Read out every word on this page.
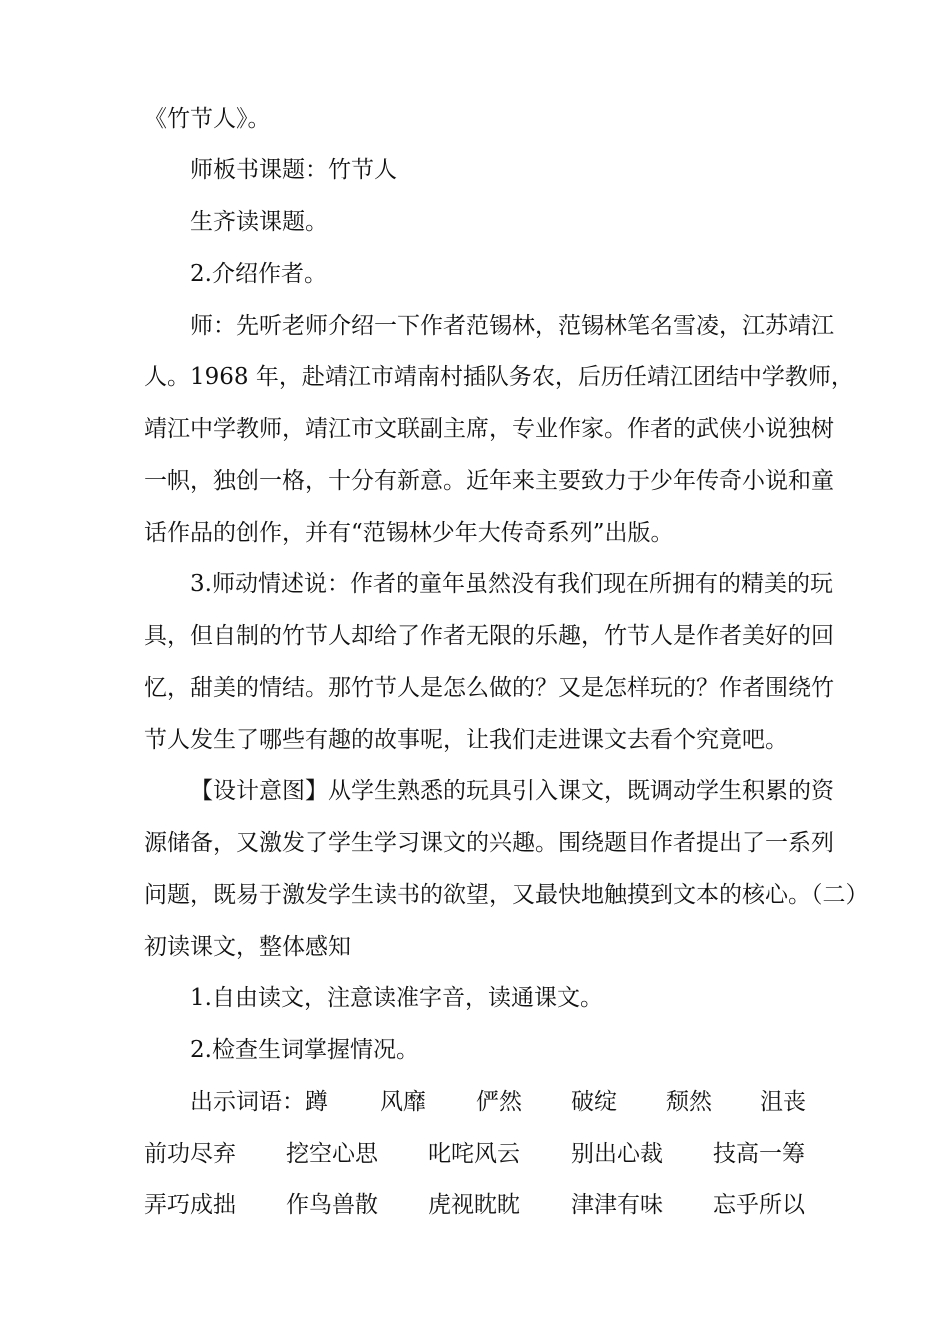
《竹节人》。
师板书课题：竹节人
生齐读课题。
2.介绍作者。
师：先听老师介绍一下作者范锡林，范锡林笔名雪凌，江苏靖江
人。1968 年，赴靖江市靖南村插队务农，后历任靖江团结中学教师，
靖江中学教师，靖江市文联副主席，专业作家。作者的武侠小说独树
一帜，独创一格，十分有新意。近年来主要致力于少年传奇小说和童
话作品的创作，并有“范锡林少年大传奇系列”出版。
3.师动情述说：作者的童年虽然没有我们现在所拥有的精美的玩
具，但自制的竹节人却给了作者无限的乐趣，竹节人是作者美好的回
忆，甜美的情结。那竹节人是怎么做的？又是怎样玩的？作者围绕竹
节人发生了哪些有趣的故事呢，让我们走进课文去看个究竟吧。
【设计意图】从学生熟悉的玩具引入课文，既调动学生积累的资
源储备，又激发了学生学习课文的兴趣。围绕题目作者提出了一系列
问题，既易于激发学生读书的欲望，又最快地触摸到文本的核心。（二）
初读课文，整体感知
1.自由读文，注意读准字音，读通课文。
2.检查生词掌握情况。
出示词语： 蹲 风靡 俨然 破绽 颓然 沮丧
前功尽弃 挖空心思 叱咤风云 别出心裁 技高一筹
弄巧成拙 作鸟兽散 虎视眈眈 津津有味 忘乎所以
